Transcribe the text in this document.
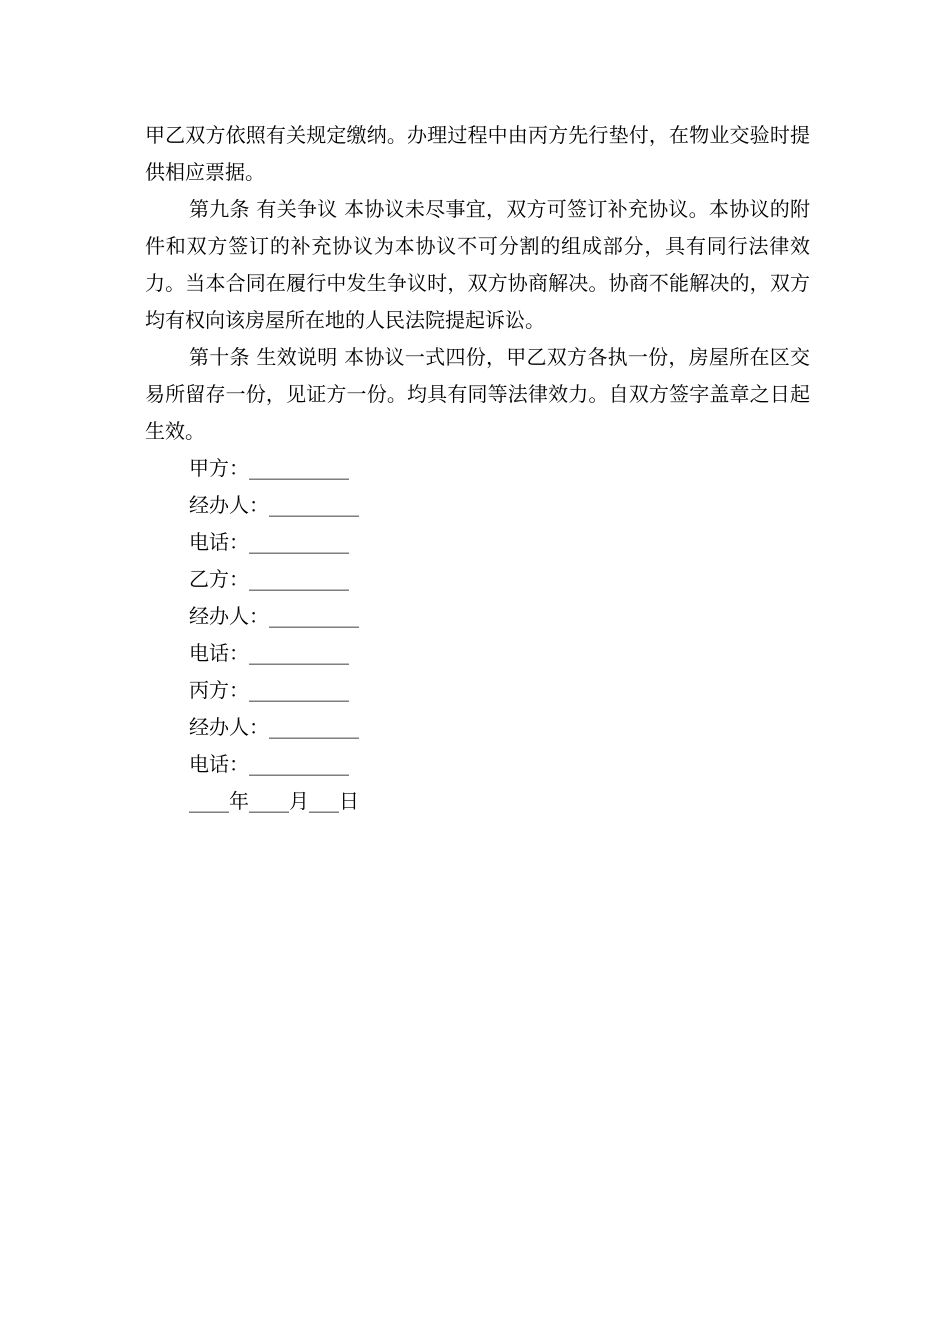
甲乙双方依照有关规定缴纳。办理过程中由丙方先行垫付，在物业交验时提供相应票据。

第九条 有关争议 本协议未尽事宜，双方可签订补充协议。本协议的附件和双方签订的补充协议为本协议不可分割的组成部分，具有同行法律效力。当本合同在履行中发生争议时，双方协商解决。协商不能解决的，双方均有权向该房屋所在地的人民法院提起诉讼。

第十条 生效说明 本协议一式四份，甲乙双方各执一份，房屋所在区交易所留存一份，见证方一份。均具有同等法律效力。自双方签字盖章之日起生效。

甲方：__________

经办人：_________

电话：__________

乙方：__________

经办人：_________

电话：__________

丙方：__________

经办人：_________

电话：__________

____年____月___日
